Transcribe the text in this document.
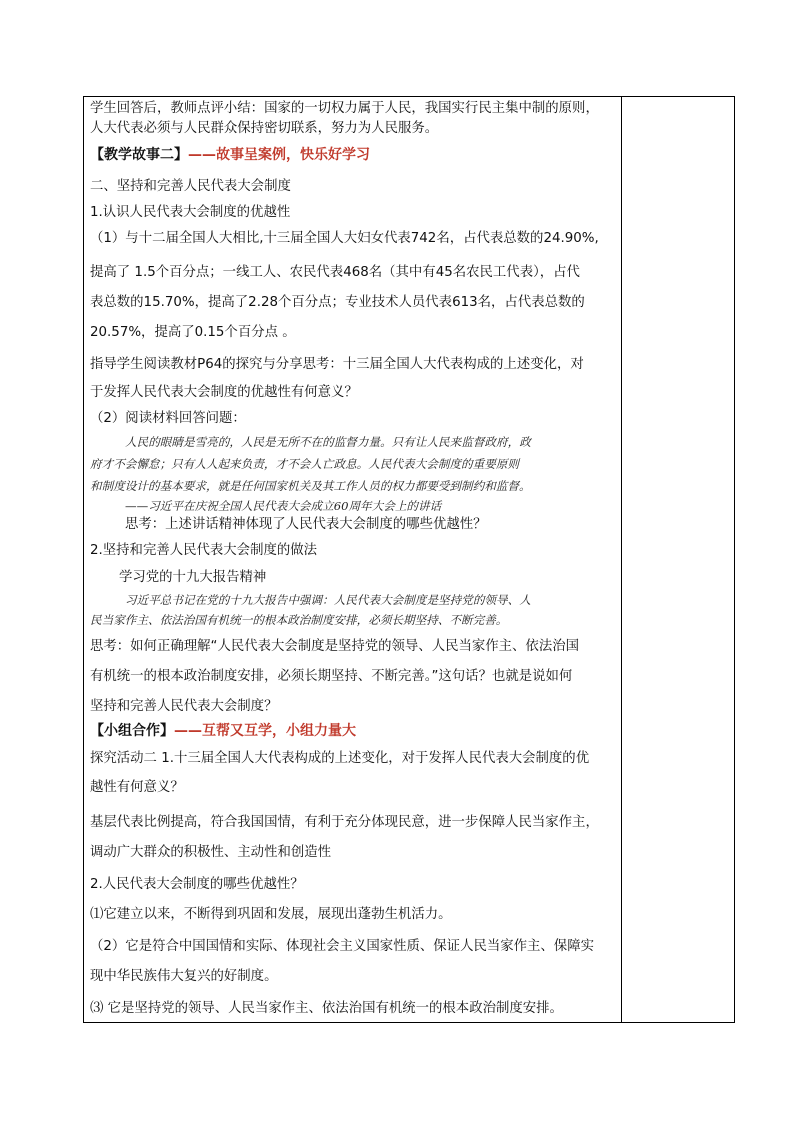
学生回答后，教师点评小结：国家的一切权力属于人民，我国实行民主集中制的原则，
人大代表必须与人民群众保持密切联系，努力为人民服务。
【教学故事二】——故事呈案例，快乐好学习
二、坚持和完善人民代表大会制度
1.认识人民代表大会制度的优越性
（1）与十二届全国人大相比,十三届全国人大妇女代表742名，占代表总数的24.90%,
提高了 1.5个百分点；一线工人、农民代表468名（其中有45名农民工代表），占代
表总数的15.70%，提高了2.28个百分点；专业技术人员代表613名，占代表总数的
20.57%，提高了0.15个百分点 。
指导学生阅读教材P64的探究与分享思考：十三届全国人大代表构成的上述变化，对
于发挥人民代表大会制度的优越性有何意义？
（2）阅读材料回答问题：
人民的眼睛是雪亮的，人民是无所不在的监督力量。只有让人民来监督政府，政
府才不会懈怠；只有人人起来负责，才不会人亡政息。人民代表大会制度的重要原则
和制度设计的基本要求，就是任何国家机关及其工作人员的权力都要受到制约和监督。
——习近平在庆祝全国人民代表大会成立60周年大会上的讲话
思考：上述讲话精神体现了人民代表大会制度的哪些优越性？
2.坚持和完善人民代表大会制度的做法
学习党的十九大报告精神
习近平总书记在党的十九大报告中强调：人民代表大会制度是坚持党的领导、人
民当家作主、依法治国有机统一的根本政治制度安排，必须长期坚持、不断完善。
思考：如何正确理解“人民代表大会制度是坚持党的领导、人民当家作主、依法治国
有机统一的根本政治制度安排，必须长期坚持、不断完善。”这句话？也就是说如何
坚持和完善人民代表大会制度？
【小组合作】——互帮又互学，小组力量大
探究活动二 1.十三届全国人大代表构成的上述变化，对于发挥人民代表大会制度的优
越性有何意义？
基层代表比例提高，符合我国国情，有利于充分体现民意，进一步保障人民当家作主，
调动广大群众的积极性、主动性和创造性
2.人民代表大会制度的哪些优越性？
⑴它建立以来，不断得到巩固和发展，展现出蓬勃生机活力。
（2）它是符合中国国情和实际、体现社会主义国家性质、保证人民当家作主、保障实
现中华民族伟大复兴的好制度。
⑶ 它是坚持党的领导、人民当家作主、依法治国有机统一的根本政治制度安排。
